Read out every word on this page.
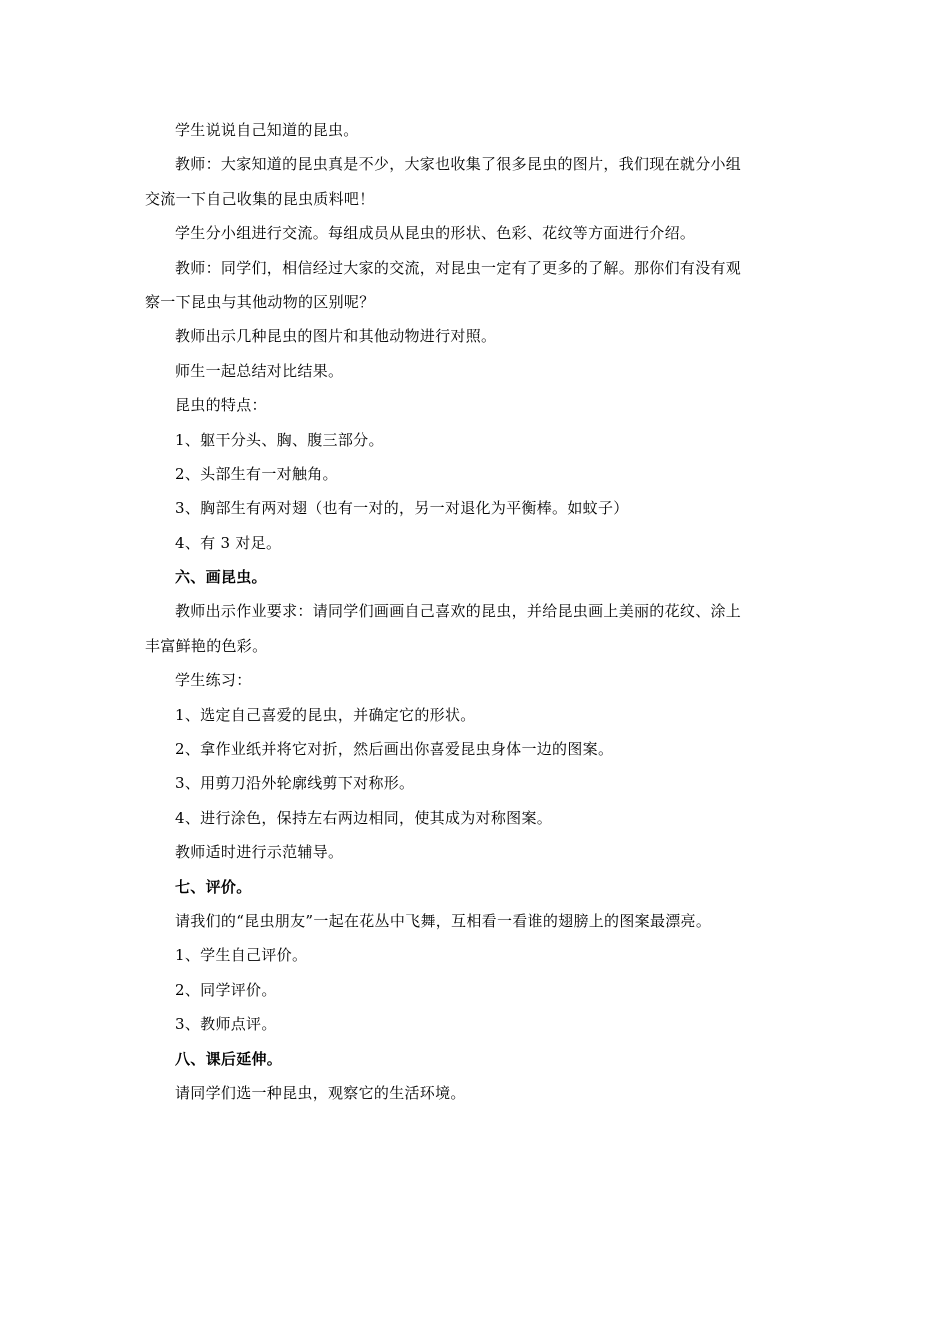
学生说说自己知道的昆虫。
教师：大家知道的昆虫真是不少，大家也收集了很多昆虫的图片，我们现在就分小组
交流一下自己收集的昆虫质料吧！
学生分小组进行交流。每组成员从昆虫的形状、色彩、花纹等方面进行介绍。
教师：同学们，相信经过大家的交流，对昆虫一定有了更多的了解。那你们有没有观
察一下昆虫与其他动物的区别呢？
教师出示几种昆虫的图片和其他动物进行对照。
师生一起总结对比结果。
昆虫的特点：
1、躯干分头、胸、腹三部分。
2、头部生有一对触角。
3、胸部生有两对翅（也有一对的，另一对退化为平衡棒。如蚊子）
4、有 3 对足。
六、画昆虫。
教师出示作业要求：请同学们画画自己喜欢的昆虫，并给昆虫画上美丽的花纹、涂上
丰富鲜艳的色彩。
学生练习：
1、选定自己喜爱的昆虫，并确定它的形状。
2、拿作业纸并将它对折，然后画出你喜爱昆虫身体一边的图案。
3、用剪刀沿外轮廓线剪下对称形。
4、进行涂色，保持左右两边相同，使其成为对称图案。
教师适时进行示范辅导。
七、评价。
请我们的“昆虫朋友”一起在花丛中飞舞，互相看一看谁的翅膀上的图案最漂亮。
1、学生自己评价。
2、同学评价。
3、教师点评。
八、课后延伸。
请同学们选一种昆虫，观察它的生活环境。
